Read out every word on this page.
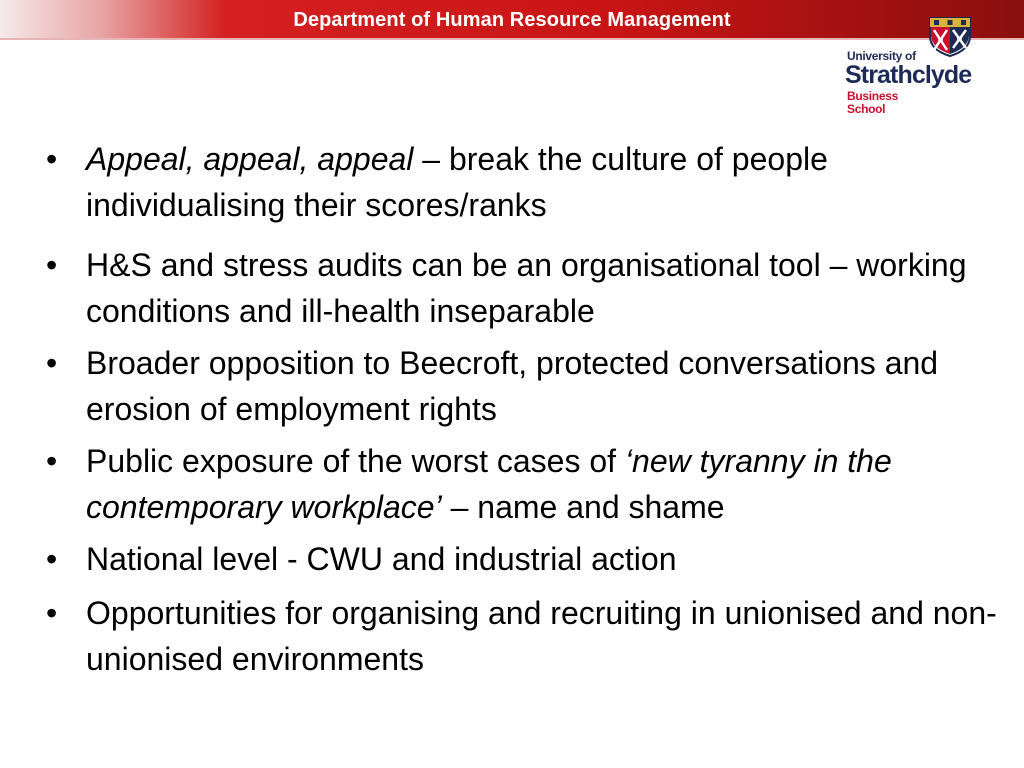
Department of Human Resource Management
University of
Strathclyde
Business
School
• Appeal, appeal, appeal – break the culture of people individualising their scores/ranks
• H&S and stress audits can be an organisational tool – working conditions and ill-health inseparable
• Broader opposition to Beecroft, protected conversations and erosion of employment rights
• Public exposure of the worst cases of ‘new tyranny in the contemporary workplace’ – name and shame
• National level - CWU and industrial action
• Opportunities for organising and recruiting in unionised and non-unionised environments
